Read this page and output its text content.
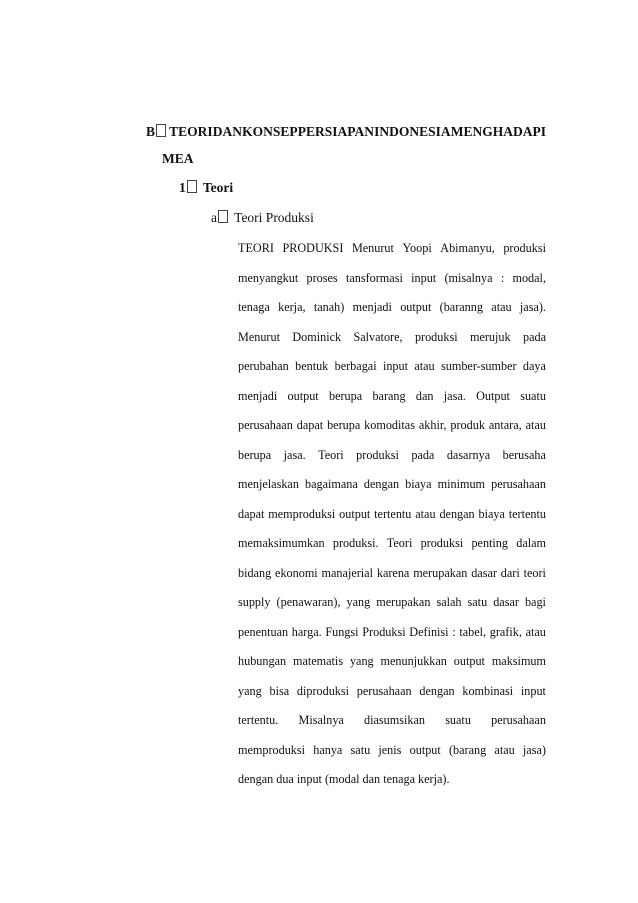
B	TEORI DAN KONSEP PERSIAPAN INDONESIA MENGHADAPI
MEA
1 Teori
a Teori Produksi
TEORI PRODUKSI Menurut Yoopi Abimanyu, produksi
menyangkut proses tansformasi input (misalnya : modal,
tenaga kerja, tanah) menjadi output (baranng atau jasa).
Menurut Dominick Salvatore, produksi merujuk pada
perubahan bentuk berbagai input atau sumber-sumber daya
menjadi output berupa barang dan jasa. Output suatu
perusahaan dapat berupa komoditas akhir, produk antara, atau
berupa jasa. Teori produksi pada dasarnya berusaha
menjelaskan bagaimana dengan biaya minimum perusahaan
dapat memproduksi output tertentu atau dengan biaya tertentu
memaksimumkan produksi. Teori produksi penting dalam
bidang ekonomi manajerial karena merupakan dasar dari teori
supply (penawaran), yang merupakan salah satu dasar bagi
penentuan harga. Fungsi Produksi Definisi : tabel, grafik, atau
hubungan matematis yang menunjukkan output maksimum
yang bisa diproduksi perusahaan dengan kombinasi input
tertentu. Misalnya diasumsikan suatu perusahaan
memproduksi hanya satu jenis output (barang atau jasa)
dengan dua input (modal dan tenaga kerja).
